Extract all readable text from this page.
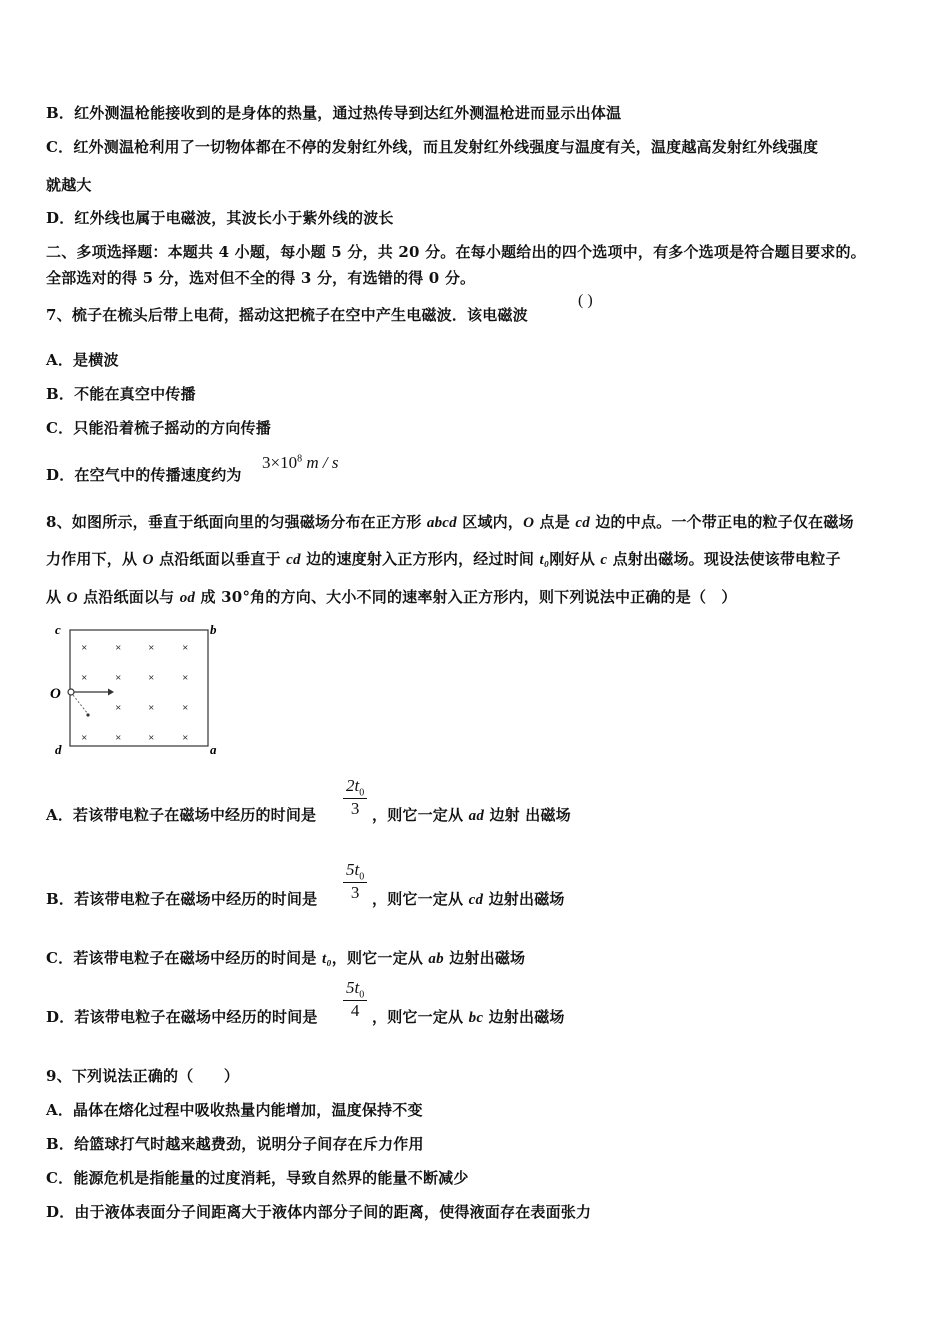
B．红外测温枪能接收到的是身体的热量，通过热传导到达红外测温枪进而显示出体温
C．红外测温枪利用了一切物体都在不停的发射红外线，而且发射红外线强度与温度有关，温度越高发射红外线强度
就越大
D．红外线也属于电磁波，其波长小于紫外线的波长
二、多项选择题：本题共 4 小题，每小题 5 分，共 20 分。在每小题给出的四个选项中，有多个选项是符合题目要求的。
全部选对的得 5 分，选对但不全的得 3 分，有选错的得 0 分。
7、梳子在梳头后带上电荷，摇动这把梳子在空中产生电磁波．该电磁波
( )
A．是横波
B．不能在真空中传播
C．只能沿着梳子摇动的方向传播
D．在空气中的传播速度约为
$3\times 10^8$ m / s
8、如图所示，垂直于纸面向里的匀强磁场分布在正方形 abcd 区域内，O 点是 cd 边的中点。一个带正电的粒子仅在磁场
力作用下，从 O 点沿纸面以垂直于 cd 边的速度射入正方形内，经过时间 t₀刚好从 c 点射出磁场。现设法使该带电粒子
从 O 点沿纸面以与 od 成 30°角的方向、大小不同的速率射入正方形内，则下列说法中正确的是（　）
c	b
d	a
O
×	× ×	×
×	× ×	×
× ×	×
×	× ×	×
A．若该带电粒子在磁场中经历的时间是 $\frac{2t_0}{3}$ ，则它一定从 ad 边射 出磁场
B．若该带电粒子在磁场中经历的时间是 $\frac{5t_0}{3}$ ，则它一定从 cd 边射出磁场
C．若该带电粒子在磁场中经历的时间是 t₀，则它一定从 ab 边射出磁场
D．若该带电粒子在磁场中经历的时间是 $\frac{5t_0}{4}$ ，则它一定从 bc 边射出磁场
9、下列说法正确的（　　）
A．晶体在熔化过程中吸收热量内能增加，温度保持不变
B．给篮球打气时越来越费劲，说明分子间存在斥力作用
C．能源危机是指能量的过度消耗，导致自然界的能量不断减少
D．由于液体表面分子间距离大于液体内部分子间的距离，使得液面存在表面张力
